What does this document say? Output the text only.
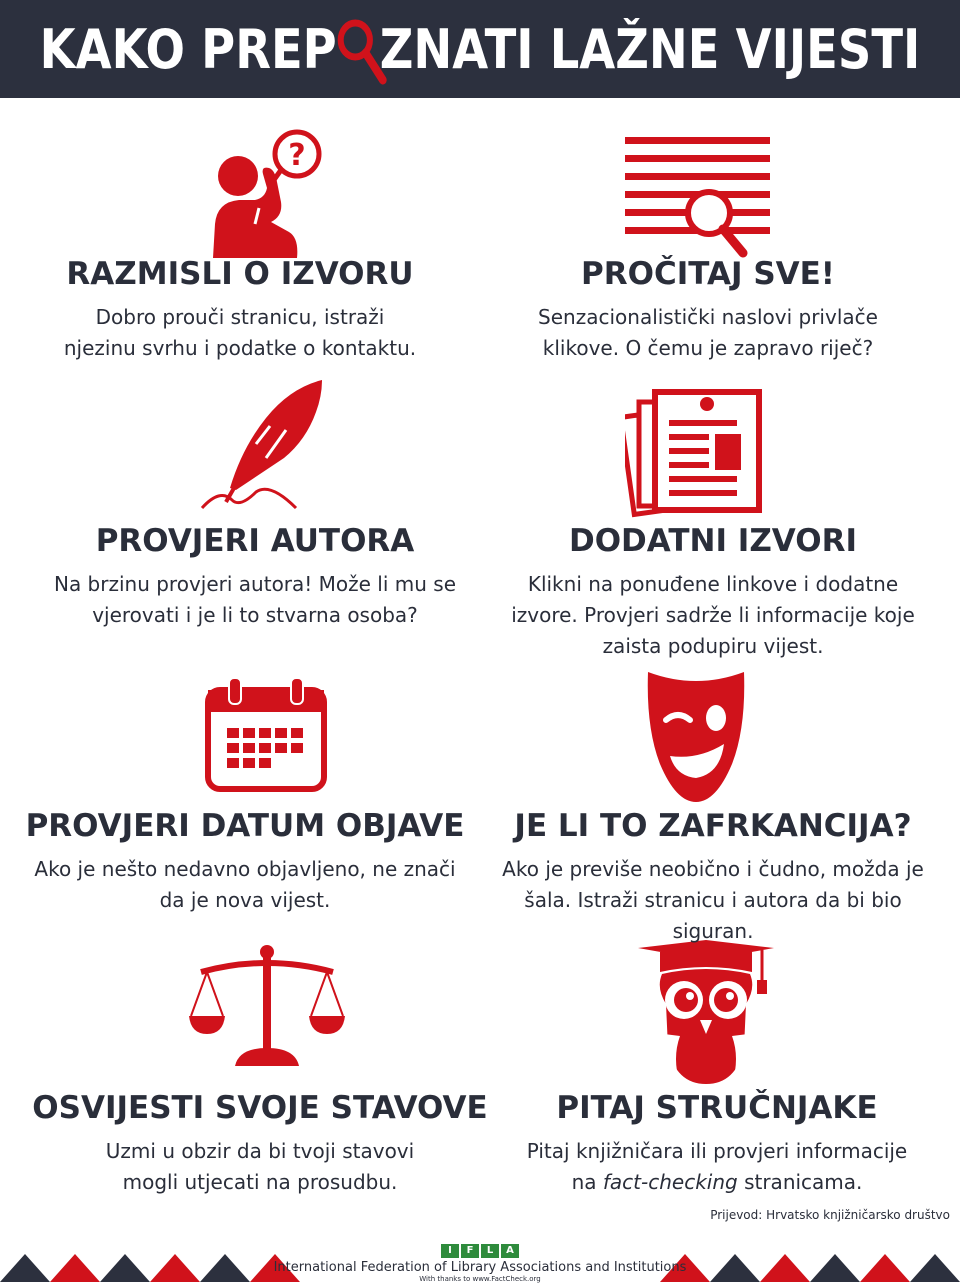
KAKO PREP ZNATI LAŽNE VIJESTI
?
RAZMISLI O IZVORU

Dobro prouči stranicu, istraži njezinu svrhu i podatke o kontaktu.

PROČITAJ SVE!

Senzacionalistički naslovi privlače klikove. O čemu je zapravo riječ?

PROVJERI AUTORA

Na brzinu provjeri autora! Može li mu se vjerovati i je li to stvarna osoba?

DODATNI IZVORI

Klikni na ponuđene linkove i dodatne izvore. Provjeri sadrže li informacije koje zaista podupiru vijest.

PROVJERI DATUM OBJAVE

Ako je nešto nedavno objavljeno, ne znači da je nova vijest.

JE LI TO ZAFRKANCIJA?

Ako je previše neobično i čudno, možda je šala. Istraži stranicu i autora da bi bio siguran.

OSVIJESTI SVOJE STAVOVE

Uzmi u obzir da bi tvoji stavovi mogli utjecati na prosudbu.

PITAJ STRUČNJAKE

Pitaj knjižničara ili provjeri informacije na fact-checking stranicama.

Prijevod: Hrvatsko knjižničarsko društvo
I	F	L	A
International Federation of Library Associations and Institutions
With thanks to www.FactCheck.org
